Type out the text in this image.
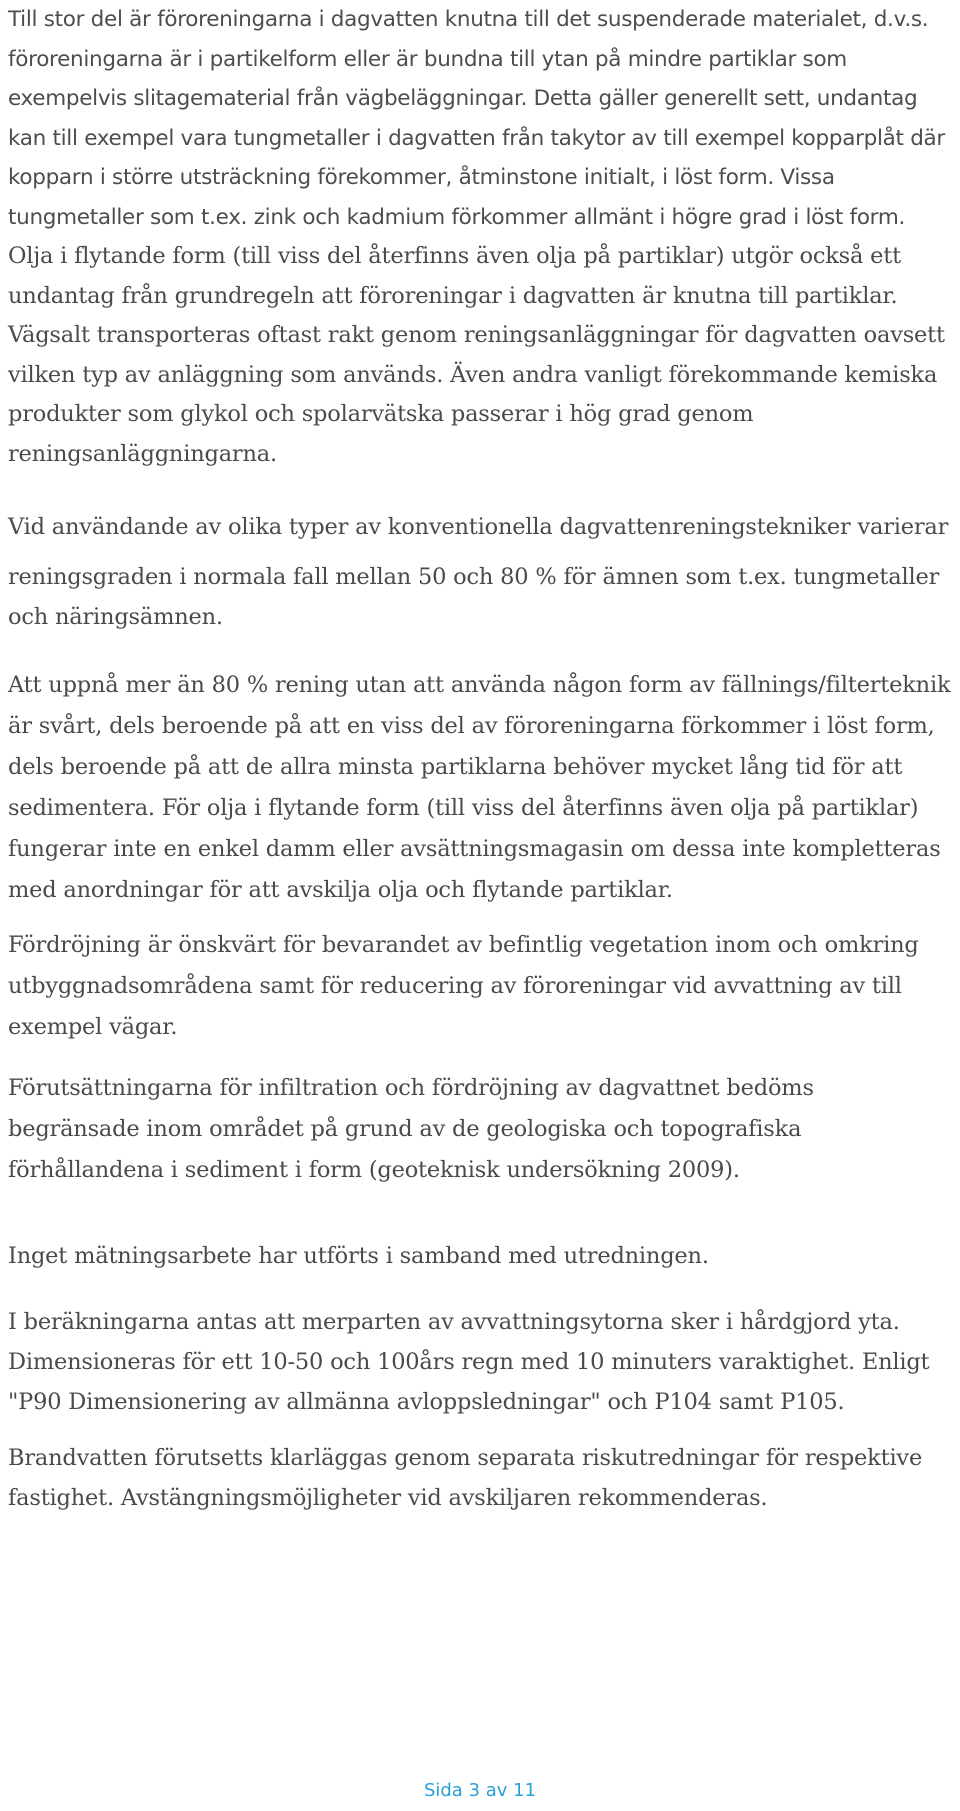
Till stor del är föroreningarna i dagvatten knutna till det suspenderade materialet, d.v.s. föroreningarna är i partikelform eller är bundna till ytan på mindre partiklar som exempelvis slitagematerial från vägbeläggningar. Detta gäller generellt sett, undantag kan till exempel vara tungmetaller i dagvatten från takytor av till exempel kopparplåt där kopparn i större utsträckning förekommer, åtminstone initialt, i löst form. Vissa tungmetaller som t.ex. zink och kadmium förkommer allmänt i högre grad i löst form. Olja i flytande form (till viss del återfinns även olja på partiklar) utgör också ett undantag från grundregeln att föroreningar i dagvatten är knutna till partiklar. Vägsalt transporteras oftast rakt genom reningsanläggningar för dagvatten oavsett vilken typ av anläggning som används. Även andra vanligt förekommande kemiska produkter som glykol och spolarvätska passerar i hög grad genom reningsanläggningarna.

Vid användande av olika typer av konventionella dagvattenreningstekniker varierar
reningsgraden i normala fall mellan 50 och 80 % för ämnen som t.ex. tungmetaller och näringsämnen.

Att uppnå mer än 80 % rening utan att använda någon form av fällnings/filterteknik är svårt, dels beroende på att en viss del av föroreningarna förkommer i löst form, dels beroende på att de allra minsta partiklarna behöver mycket lång tid för att sedimentera. För olja i flytande form (till viss del återfinns även olja på partiklar) fungerar inte en enkel damm eller avsättningsmagasin om dessa inte kompletteras med anordningar för att avskilja olja och flytande partiklar.

Fördröjning är önskvärt för bevarandet av befintlig vegetation inom och omkring utbyggnadsområdena samt för reducering av föroreningar vid avvattning av till exempel vägar.

Förutsättningarna för infiltration och fördröjning av dagvattnet bedöms begränsade inom området på grund av de geologiska och topografiska förhållandena i sediment i form (geoteknisk undersökning 2009).

Inget mätningsarbete har utförts i samband med utredningen.

I beräkningarna antas att merparten av avvattningsytorna sker i hårdgjord yta. Dimensioneras för ett 10-50 och 100års regn med 10 minuters varaktighet. Enligt "P90 Dimensionering av allmänna avloppsledningar" och P104 samt P105.

Brandvatten förutsetts klarläggas genom separata riskutredningar för respektive fastighet. Avstängningsmöjligheter vid avskiljaren rekommenderas.

Sida 3 av 11
